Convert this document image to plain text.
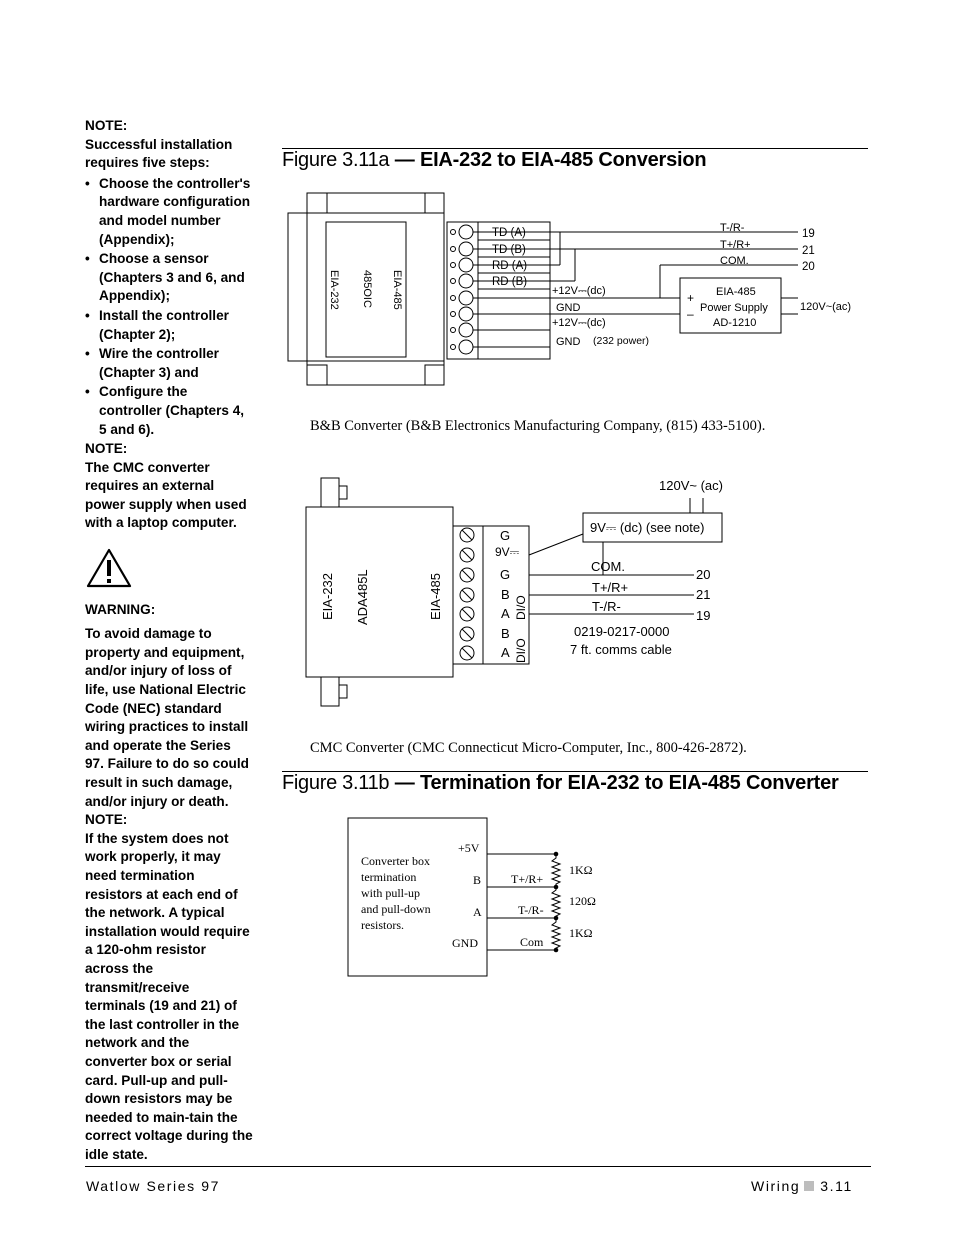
NOTE:

Successful installation requires five steps:

• Choose the controller's hardware configuration and model number (Appendix);
• Choose a sensor (Chapters 3 and 6, and Appendix);
• Install the controller (Chapter 2);
• Wire the controller (Chapter 3) and
• Configure the controller (Chapters 4, 5 and 6).

NOTE:

The CMC converter requires an external power supply when used with a laptop computer.

WARNING:

To avoid damage to property and equipment, and/or injury of loss of life, use National Electric Code (NEC) standard wiring practices to install and operate the Series 97. Failure to do so could result in such damage, and/or injury or death.

NOTE:

If the system does not work properly, it may need termination resistors at each end of the network. A typical installation would require a 120-ohm resistor across the transmit/receive terminals (19 and 21) of the last controller in the network and the converter box or serial card. Pull-up and pull-down resistors may be needed to main-tain the correct voltage during the idle state.

Figure 3.11a — EIA-232 to EIA-485 Conversion
EIA-485
485OIC
EIA-232
TD (A)
TD (B)
RD (A)
RD (B)
+12V⎓(dc)
GND
+12V⎓(dc)
GND (232 power)
T-/R-
T+/R+
COM.
19
21
20
EIA-485
Power Supply
AD-1210
+
–	120V~(ac)
B&B Converter (B&B Electronics Manufacturing Company, (815) 433-5100).
EIA-232 ADA485L	EIA-485
G
9V⎓
G
B
A
B
A
DI/O
DI/O
120V~ (ac)
9V⎓ (dc) (see note)
COM.
T+/R+
T-/R-
20
21
19
0219-0217-0000
7 ft. comms cable
CMC Converter (CMC Connecticut Micro-Computer, Inc., 800-426-2872).
Figure 3.11b — Termination for EIA-232 to EIA-485 Converter
Converter box
termination
with pull-up
and pull-down
resistors.
+5V
B
A
GND
T+/R+
T-/R-
Com
1KΩ
120Ω
1KΩ
Watlow Series 97	Wiring 3.11
